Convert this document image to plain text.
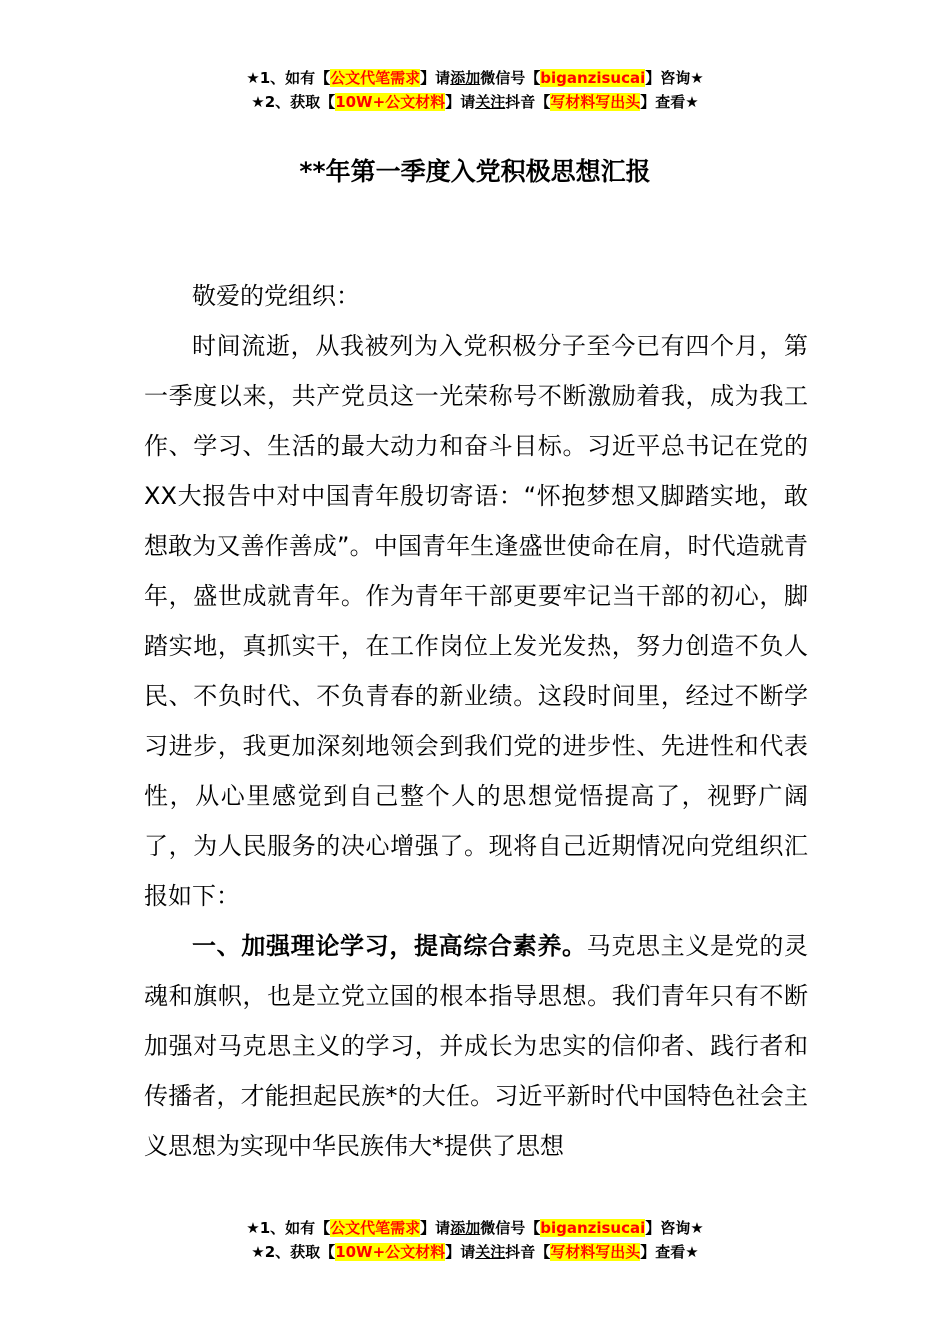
★1、如有【公文代笔需求】请添加微信号【biganzisucai】咨询★
★2、获取【10W+公文材料】请关注抖音【写材料写出头】查看★
**年第一季度入党积极思想汇报

敬爱的党组织：

时间流逝，从我被列为入党积极分子至今已有四个月，第一季度以来，共产党员这一光荣称号不断激励着我，成为我工作、学习、生活的最大动力和奋斗目标。习近平总书记在党的XX大报告中对中国青年殷切寄语：“怀抱梦想又脚踏实地，敢想敢为又善作善成”。中国青年生逢盛世使命在肩，时代造就青年，盛世成就青年。作为青年干部更要牢记当干部的初心，脚踏实地，真抓实干，在工作岗位上发光发热，努力创造不负人民、不负时代、不负青春的新业绩。这段时间里，经过不断学习进步，我更加深刻地领会到我们党的进步性、先进性和代表性，从心里感觉到自己整个人的思想觉悟提高了，视野广阔了，为人民服务的决心增强了。现将自己近期情况向党组织汇报如下：

一、加强理论学习，提高综合素养。马克思主义是党的灵魂和旗帜，也是立党立国的根本指导思想。我们青年只有不断加强对马克思主义的学习，并成长为忠实的信仰者、践行者和传播者，才能担起民族*的大任。习近平新时代中国特色社会主义思想为实现中华民族伟大*提供了思想

★1、如有【公文代笔需求】请添加微信号【biganzisucai】咨询★
★2、获取【10W+公文材料】请关注抖音【写材料写出头】查看★
